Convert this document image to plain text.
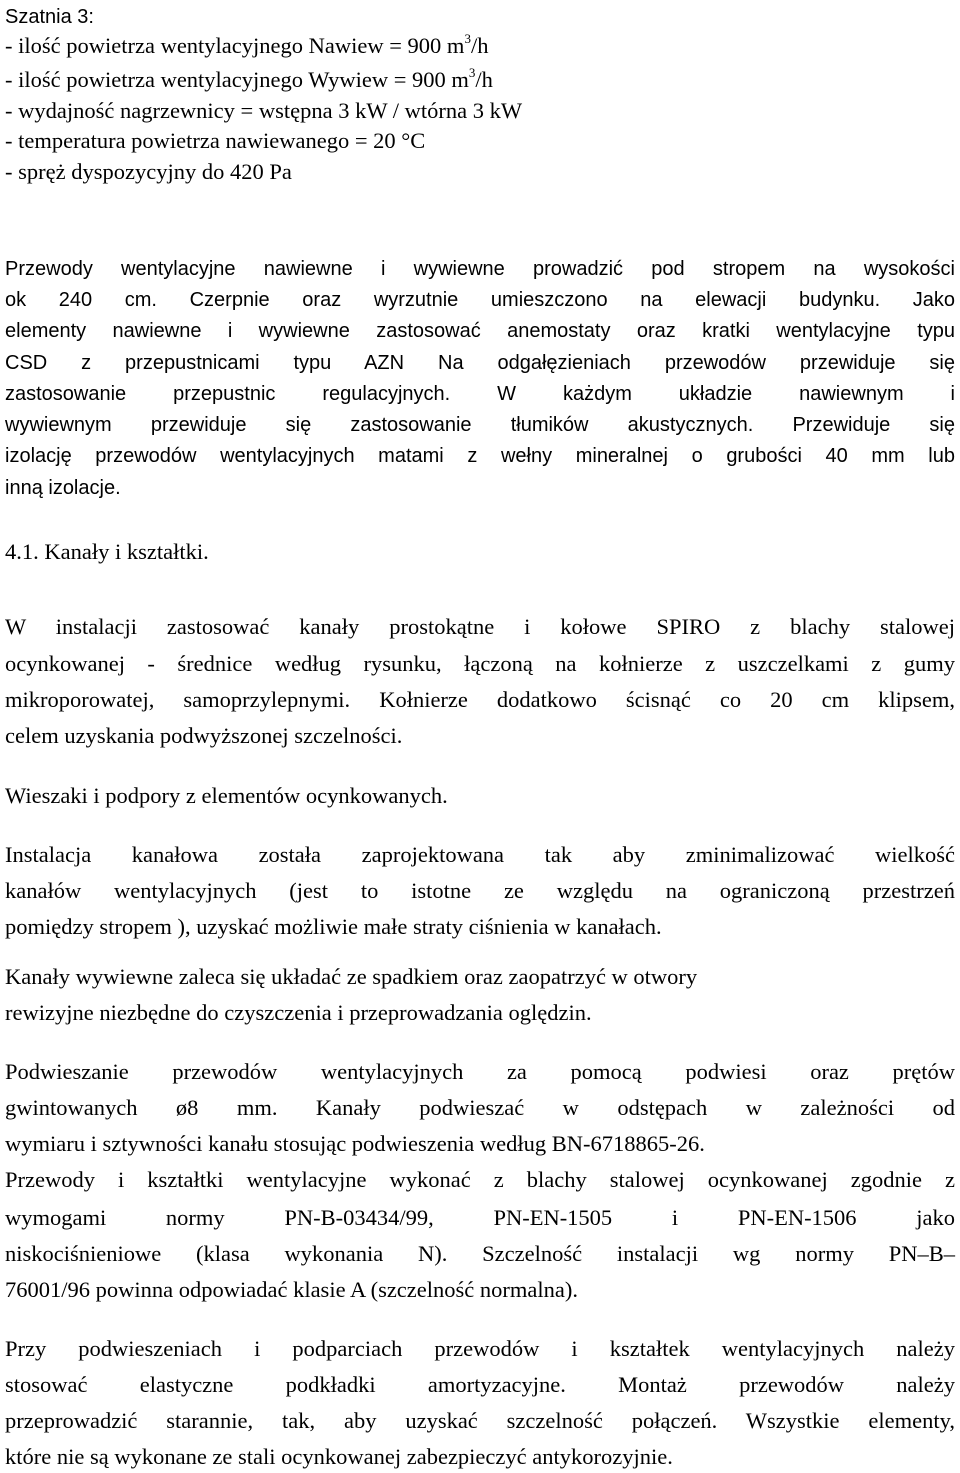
Szatnia 3:
- ilość powietrza wentylacyjnego Nawiew = 900 $m^3/h$
- ilość powietrza wentylacyjnego Wywiew = 900 $m^3/h$
- wydajność nagrzewnicy = wstępna 3 kW / wtórna 3 kW
- temperatura powietrza nawiewanego = 20 °C
- spręż dyspozycyjny do 420 Pa
Przewody wentylacyjne nawiewne i wywiewne prowadzić pod stropem na wysokości
ok 240 cm. Czerpnie oraz wyrzutnie umieszczono na elewacji budynku. Jako
elementy nawiewne i wywiewne zastosować anemostaty oraz kratki wentylacyjne typu
CSD z przepustnicami typu AZN Na odgałęzieniach przewodów przewiduje się
zastosowanie przepustnic regulacyjnych. W każdym układzie nawiewnym i
wywiewnym przewiduje się zastosowanie tłumików akustycznych. Przewiduje się
izolację przewodów wentylacyjnych matami z wełny mineralnej o grubości 40 mm lub
inną izolacje.
4.1. Kanały i kształtki.
W instalacji zastosować kanały prostokątne i kołowe SPIRO z blachy stalowej
ocynkowanej - średnice według rysunku, łączoną na kołnierze z uszczelkami z gumy
mikroporowatej, samoprzylepnymi. Kołnierze dodatkowo ścisnąć co 20 cm klipsem,
celem uzyskania podwyższonej szczelności.
Wieszaki i podpory z elementów ocynkowanych.
Instalacja kanałowa została zaprojektowana tak aby zminimalizować wielkość
kanałów wentylacyjnych (jest to istotne ze względu na ograniczoną przestrzeń
pomiędzy stropem ), uzyskać możliwie małe straty ciśnienia w kanałach.
Kanały wywiewne zaleca się układać ze spadkiem oraz zaopatrzyć w otwory
rewizyjne niezbędne do czyszczenia i przeprowadzania oględzin.
Podwieszanie przewodów wentylacyjnych za pomocą podwiesi oraz prętów
gwintowanych ø8 mm. Kanały podwieszać w odstępach w zależności od
wymiaru i sztywności kanału stosując podwieszenia według BN-6718865-26.
Przewody i kształtki wentylacyjne wykonać z blachy stalowej ocynkowanej zgodnie z
wymogami normy PN-B-03434/99, PN-EN-1505 i PN-EN-1506 jako
niskociśnieniowe (klasa wykonania N). Szczelność instalacji wg normy PN–B–
76001/96 powinna odpowiadać klasie A (szczelność normalna).
Przy podwieszeniach i podparciach przewodów i kształtek wentylacyjnych należy
stosować elastyczne podkładki amortyzacyjne. Montaż przewodów należy
przeprowadzić starannie, tak, aby uzyskać szczelność połączeń. Wszystkie elementy,
które nie są wykonane ze stali ocynkowanej zabezpieczyć antykorozyjnie.
